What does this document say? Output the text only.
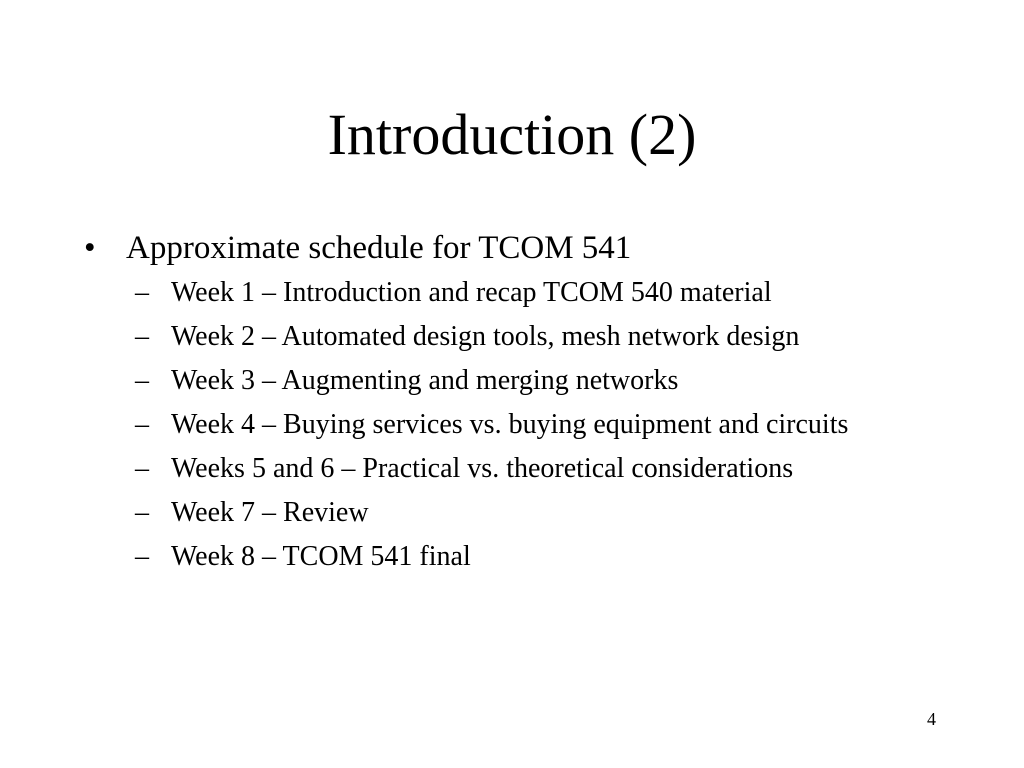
Introduction (2)
• Approximate schedule for TCOM 541
– Week 1 – Introduction and recap TCOM 540 material
– Week 2 – Automated design tools, mesh network design
– Week 3 – Augmenting and merging networks
– Week 4 – Buying services vs. buying equipment and circuits
– Weeks 5 and 6 – Practical vs. theoretical considerations
– Week 7 – Review
– Week 8 – TCOM 541 final
4
